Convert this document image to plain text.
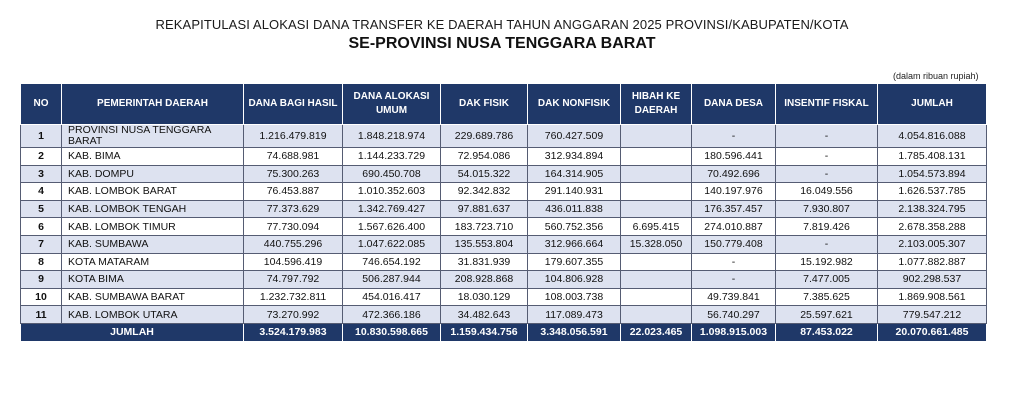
REKAPITULASI ALOKASI DANA TRANSFER KE DAERAH TAHUN ANGGARAN 2025 PROVINSI/KABUPATEN/KOTA
SE-PROVINSI NUSA TENGGARA BARAT
(dalam ribuan rupiah)
NO	PEMERINTAH DAERAH	DANA BAGI HASIL	DANA ALOKASI UMUM	DAK FISIK	DAK NONFISIK	HIBAH KE DAERAH	DANA DESA	INSENTIF FISKAL	JUMLAH
1	PROVINSI NUSA TENGGARA BARAT	1.216.479.819	1.848.218.974	229.689.786	760.427.509		-	-	4.054.816.088
2	KAB. BIMA	74.688.981	1.144.233.729	72.954.086	312.934.894		180.596.441	-	1.785.408.131
3	KAB. DOMPU	75.300.263	690.450.708	54.015.322	164.314.905		70.492.696	-	1.054.573.894
4	KAB. LOMBOK BARAT	76.453.887	1.010.352.603	92.342.832	291.140.931		140.197.976	16.049.556	1.626.537.785
5	KAB. LOMBOK TENGAH	77.373.629	1.342.769.427	97.881.637	436.011.838		176.357.457	7.930.807	2.138.324.795
6	KAB. LOMBOK TIMUR	77.730.094	1.567.626.400	183.723.710	560.752.356	6.695.415	274.010.887	7.819.426	2.678.358.288
7	KAB. SUMBAWA	440.755.296	1.047.622.085	135.553.804	312.966.664	15.328.050	150.779.408	-	2.103.005.307
8	KOTA MATARAM	104.596.419	746.654.192	31.831.939	179.607.355		-	15.192.982	1.077.882.887
9	KOTA BIMA	74.797.792	506.287.944	208.928.868	104.806.928		-	7.477.005	902.298.537
10	KAB. SUMBAWA BARAT	1.232.732.811	454.016.417	18.030.129	108.003.738		49.739.841	7.385.625	1.869.908.561
11	KAB. LOMBOK UTARA	73.270.992	472.366.186	34.482.643	117.089.473		56.740.297	25.597.621	779.547.212
JUMLAH		3.524.179.983	10.830.598.665	1.159.434.756	3.348.056.591	22.023.465	1.098.915.003	87.453.022	20.070.661.485
